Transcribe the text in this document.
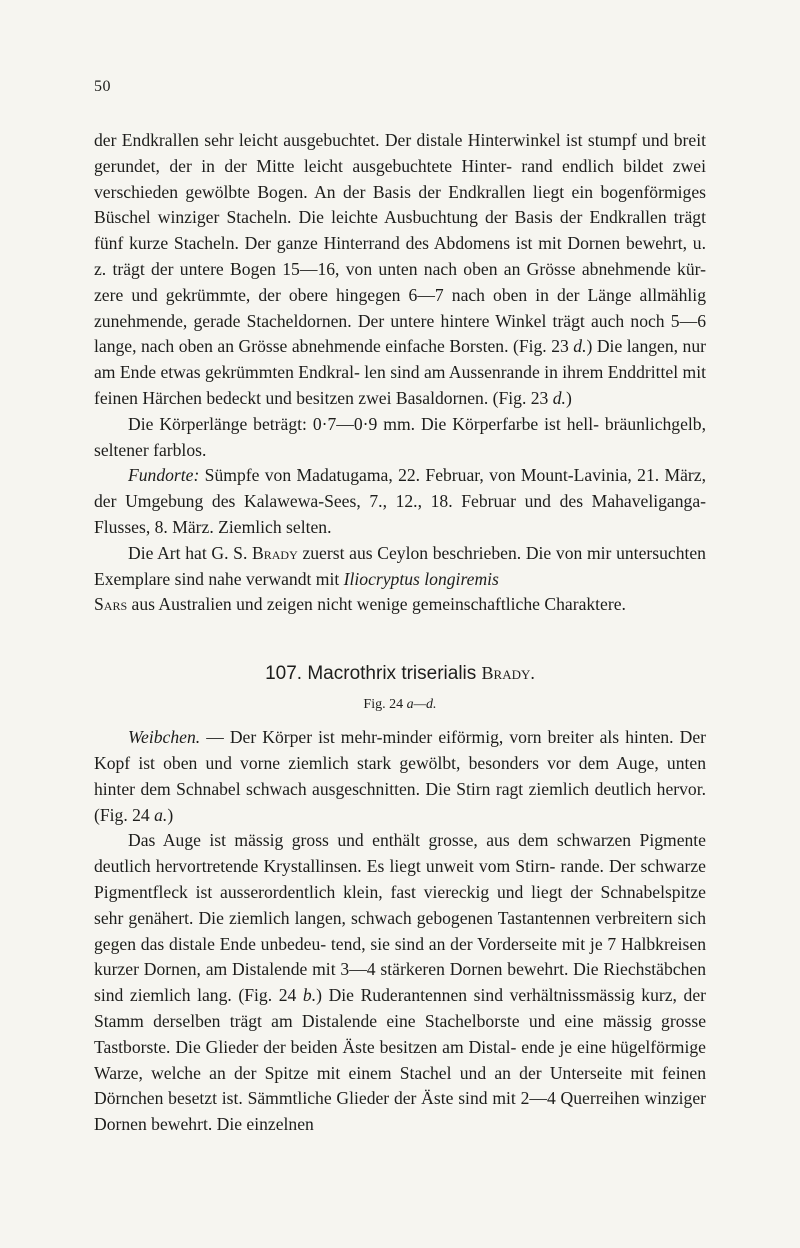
50

der Endkrallen sehr leicht ausgebuchtet. Der distale Hinterwinkel ist stumpf und breit gerundet, der in der Mitte leicht ausgebuchtete Hinter- rand endlich bildet zwei verschieden gewölbte Bogen. An der Basis der Endkrallen liegt ein bogenförmiges Büschel winziger Stacheln. Die leichte Ausbuchtung der Basis der Endkrallen trägt fünf kurze Stacheln. Der ganze Hinterrand des Abdomens ist mit Dornen bewehrt, u. z. trägt der untere Bogen 15—16, von unten nach oben an Grösse abnehmende kür- zere und gekrümmte, der obere hingegen 6—7 nach oben in der Länge allmählig zunehmende, gerade Stacheldornen. Der untere hintere Winkel trägt auch noch 5—6 lange, nach oben an Grösse abnehmende einfache Borsten. (Fig. 23 d.) Die langen, nur am Ende etwas gekrümmten Endkral- len sind am Aussenrande in ihrem Enddrittel mit feinen Härchen bedeckt und besitzen zwei Basaldornen. (Fig. 23 d.)

Die Körperlänge beträgt: 0·7—0·9 mm. Die Körperfarbe ist hell- bräunlichgelb, seltener farblos.

Fundorte: Sümpfe von Madatugama, 22. Februar, von Mount-Lavinia, 21. März, der Umgebung des Kalawewa-Sees, 7., 12., 18. Februar und des Mahaveliganga-Flusses, 8. März. Ziemlich selten.

Die Art hat G. S. Brady zuerst aus Ceylon beschrieben. Die von mir untersuchten Exemplare sind nahe verwandt mit Iliocryptus longiremis
Sars aus Australien und zeigen nicht wenige gemeinschaftliche Charaktere.

107. Macrothrix triserialis Brady.
Fig. 24 a—d.

Weibchen. — Der Körper ist mehr-minder eiförmig, vorn breiter als hinten. Der Kopf ist oben und vorne ziemlich stark gewölbt, besonders vor dem Auge, unten hinter dem Schnabel schwach ausgeschnitten. Die Stirn ragt ziemlich deutlich hervor. (Fig. 24 a.)

Das Auge ist mässig gross und enthält grosse, aus dem schwarzen Pigmente deutlich hervortretende Krystallinsen. Es liegt unweit vom Stirn- rande. Der schwarze Pigmentfleck ist ausserordentlich klein, fast viereckig und liegt der Schnabelspitze sehr genähert. Die ziemlich langen, schwach gebogenen Tastantennen verbreitern sich gegen das distale Ende unbedeu- tend, sie sind an der Vorderseite mit je 7 Halbkreisen kurzer Dornen, am Distalende mit 3—4 stärkeren Dornen bewehrt. Die Riechstäbchen sind ziemlich lang. (Fig. 24 b.) Die Ruderantennen sind verhältnissmässig kurz, der Stamm derselben trägt am Distalende eine Stachelborste und eine mässig grosse Tastborste. Die Glieder der beiden Äste besitzen am Distal- ende je eine hügelförmige Warze, welche an der Spitze mit einem Stachel und an der Unterseite mit feinen Dörnchen besetzt ist. Sämmtliche Glieder der Äste sind mit 2—4 Querreihen winziger Dornen bewehrt. Die einzelnen
